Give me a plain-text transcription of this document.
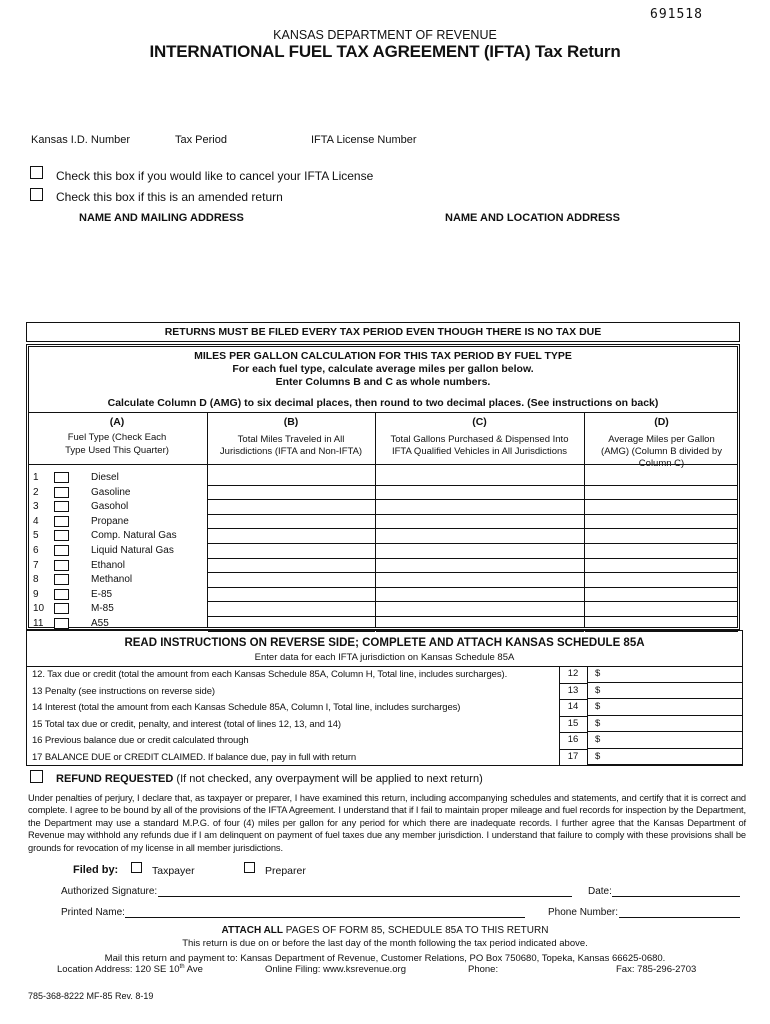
691518
KANSAS DEPARTMENT OF REVENUE
INTERNATIONAL FUEL TAX AGREEMENT (IFTA) Tax Return
Kansas I.D. Number	Tax Period	IFTA License Number
Check this box if you would like to cancel your IFTA License
Check this box if this is an amended return
NAME AND MAILING ADDRESS	NAME AND LOCATION ADDRESS
RETURNS MUST BE FILED EVERY TAX PERIOD EVEN THOUGH THERE IS NO TAX DUE
MILES PER GALLON CALCULATION FOR THIS TAX PERIOD BY FUEL TYPE
For each fuel type, calculate average miles per gallon below.
Enter Columns B and C as whole numbers.
Calculate Column D (AMG) to six decimal places, then round to two decimal places. (See instructions on back)
(A)
Fuel Type (Check Each
Type Used This Quarter)
(B)
Total Miles Traveled in All
Jurisdictions (IFTA and Non-IFTA)
(C)
Total Gallons Purchased & Dispensed Into
IFTA Qualified Vehicles in All Jurisdictions
(D)
Average Miles per Gallon
(AMG) (Column B divided by
Column C)
1	Diesel
2	Gasoline
3	Gasohol
4	Propane
5	Comp. Natural Gas
6	Liquid Natural Gas
7	Ethanol
8	Methanol
9	E-85
10	M-85
11	A55
READ INSTRUCTIONS ON REVERSE SIDE; COMPLETE AND ATTACH KANSAS SCHEDULE 85A
Enter data for each IFTA jurisdiction on Kansas Schedule 85A
12. Tax due or credit (total the amount from each Kansas Schedule 85A, Column H, Total line, includes surcharges).	12	$
13 Penalty (see instructions on reverse side)	13	$
14 Interest (total the amount from each Kansas Schedule 85A, Column I, Total line, includes surcharges)	14	$
15 Total tax due or credit, penalty, and interest (total of lines 12, 13, and 14)	15	$
16 Previous balance due or credit calculated through	16	$
17 BALANCE DUE or CREDIT CLAIMED. If balance due, pay in full with return	17	$
REFUND REQUESTED (If not checked, any overpayment will be applied to next return)
Under penalties of perjury, I declare that, as taxpayer or preparer, I have examined this return, including accompanying schedules and statements, and certify that it is correct and complete. I agree to be bound by all of the provisions of the IFTA Agreement. I understand that if I fail to maintain proper mileage and fuel records for inspection by the Department, the Department may use a standard M.P.G. of four (4) miles per gallon for any period for which there are inadequate records. I further agree that the Kansas Department of Revenue may withhold any refunds due if I am delinquent on payment of fuel taxes due any member jurisdiction. I understand that failure to comply with these provisions shall be grounds for revocation of my license in all member jurisdictions.
Filed by:	Taxpayer	Preparer
Authorized Signature:	Date:
Printed Name:	Phone Number:
ATTACH ALL PAGES OF FORM 85, SCHEDULE 85A TO THIS RETURN
This return is due on or before the last day of the month following the tax period indicated above.
Mail this return and payment to: Kansas Department of Revenue, Customer Relations, PO Box 750680, Topeka, Kansas 66625-0680.
Location Address: 120 SE 10th Ave	Online Filing: www.ksrevenue.org	Phone:	Fax: 785-296-2703
785-368-8222 MF-85 Rev. 8-19
